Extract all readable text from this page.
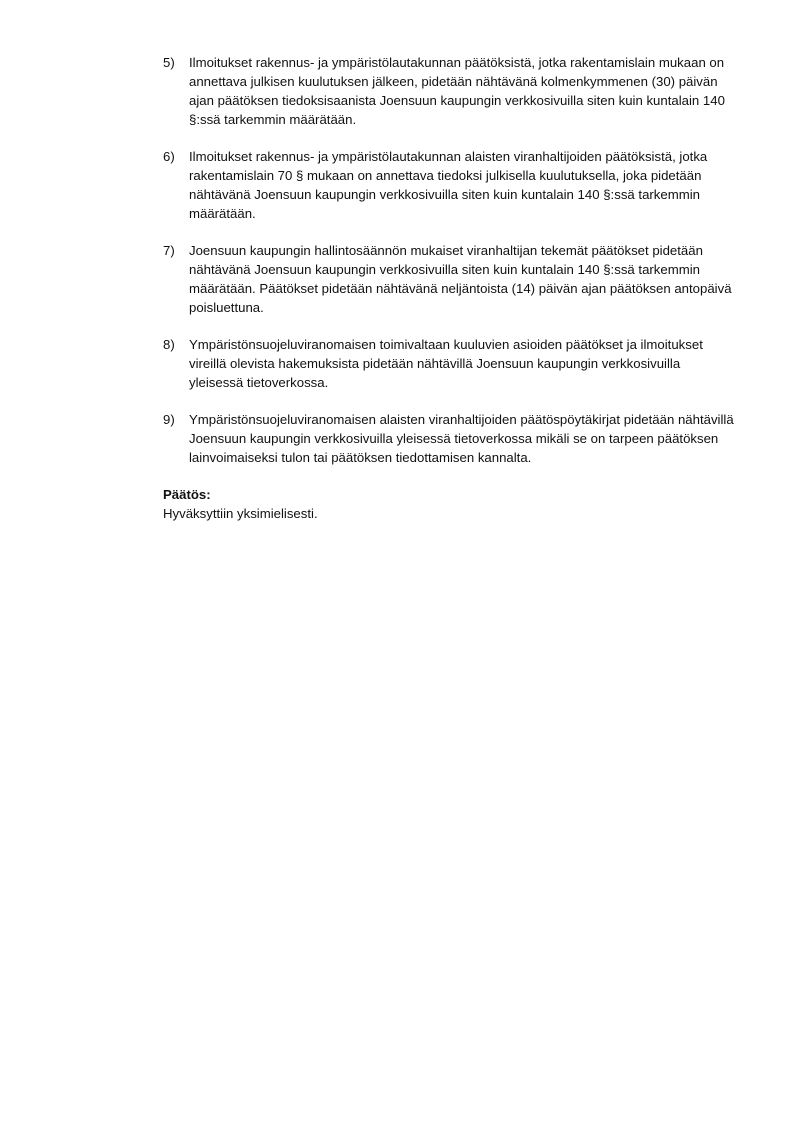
5) Ilmoitukset rakennus- ja ympäristölautakunnan päätöksistä, jotka rakentamislain mukaan on annettava julkisen kuulutuksen jälkeen, pidetään nähtävänä kolmenkymmenen (30) päivän ajan päätöksen tiedoksisaanista Joensuun kaupungin verkkosivuilla siten kuin kuntalain 140 §:ssä tarkemmin määrätään.
6) Ilmoitukset rakennus- ja ympäristölautakunnan alaisten viranhaltijoiden päätöksistä, jotka rakentamislain 70 § mukaan on annettava tiedoksi julkisella kuulutuksella, joka pidetään nähtävänä Joensuun kaupungin verkkosivuilla siten kuin kuntalain 140 §:ssä tarkemmin määrätään.
7) Joensuun kaupungin hallintosäännön mukaiset viranhaltijan tekemät päätökset pidetään nähtävänä Joensuun kaupungin verkkosivuilla siten kuin kuntalain 140 §:ssä tarkemmin määrätään. Päätökset pidetään nähtävänä neljäntoista (14) päivän ajan päätöksen antopäivä poisluettuna.
8) Ympäristönsuojeluviranomaisen toimivaltaan kuuluvien asioiden päätökset ja ilmoitukset vireillä olevista hakemuksista pidetään nähtävillä Joensuun kaupungin verkkosivuilla yleisessä tietoverkossa.
9) Ympäristönsuojeluviranomaisen alaisten viranhaltijoiden päätöspöytäkirjat pidetään nähtävillä Joensuun kaupungin verkkosivuilla yleisessä tietoverkossa mikäli se on tarpeen päätöksen lainvoimaiseksi tulon tai päätöksen tiedottamisen kannalta.
Päätös:
Hyväksyttiin yksimielisesti.
